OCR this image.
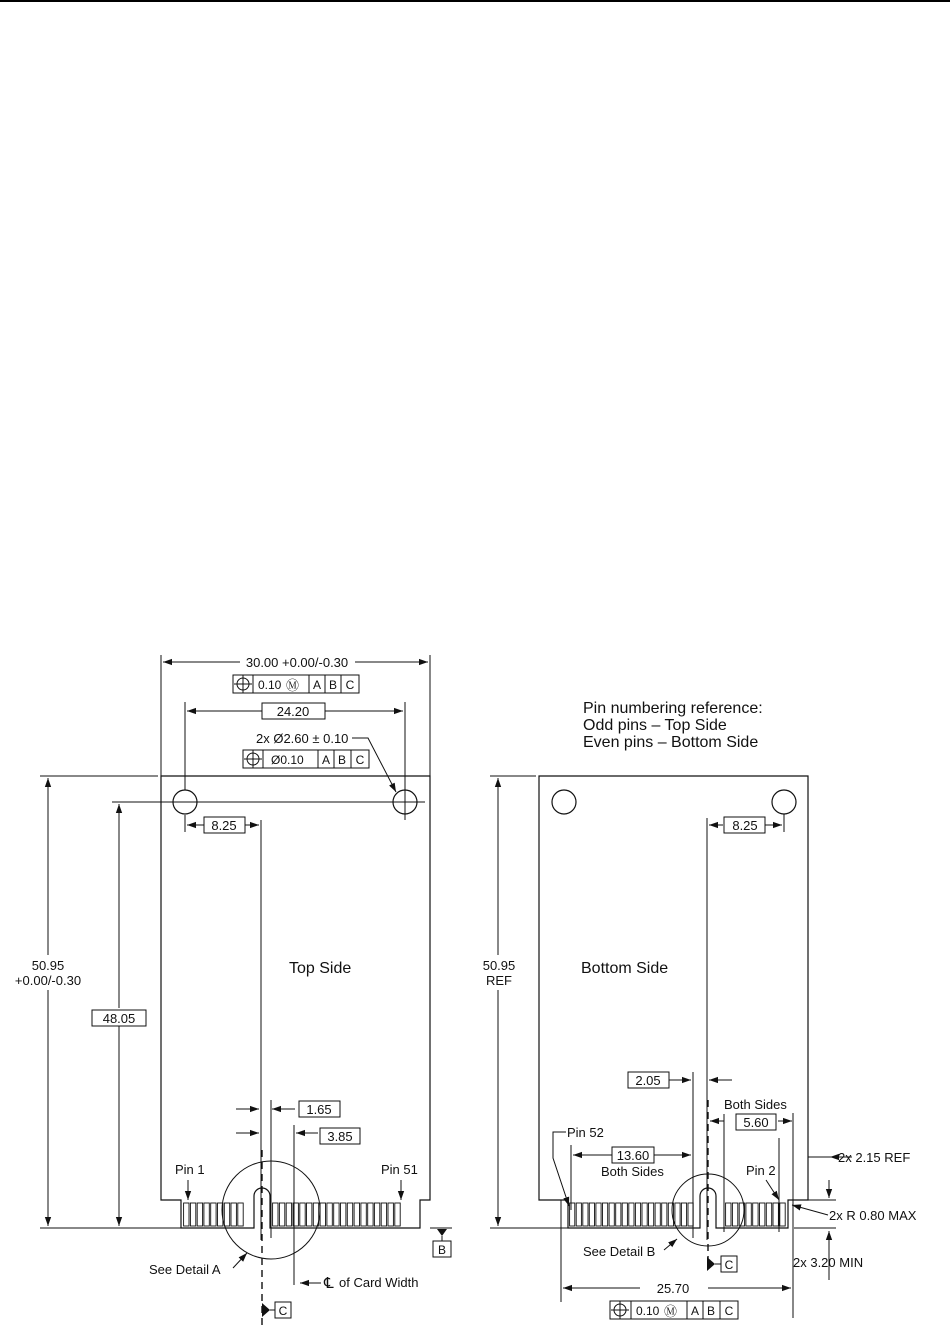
30.00 +0.00/-0.30
0.10 Ⓜ A B C
24.20
2x Ø2.60 ± 0.10
Ø0.10 A B C
8.25
50.95
+0.00/-0.30
48.05
Top Side
1.65
3.85
Pin 1	Pin 51
See Detail A
B
℄ of Card Width
C
Pin numbering reference:
Odd pins – Top Side
Even pins – Bottom Side
8.25
50.95
REF
Bottom Side
2.05
Both Sides
5.60
Pin 52
13.60
Both Sides	Pin 2
2x 2.15 REF
2x R 0.80 MAX
2x 3.20 MIN
See Detail B
C
25.70
0.10 Ⓜ A B C
